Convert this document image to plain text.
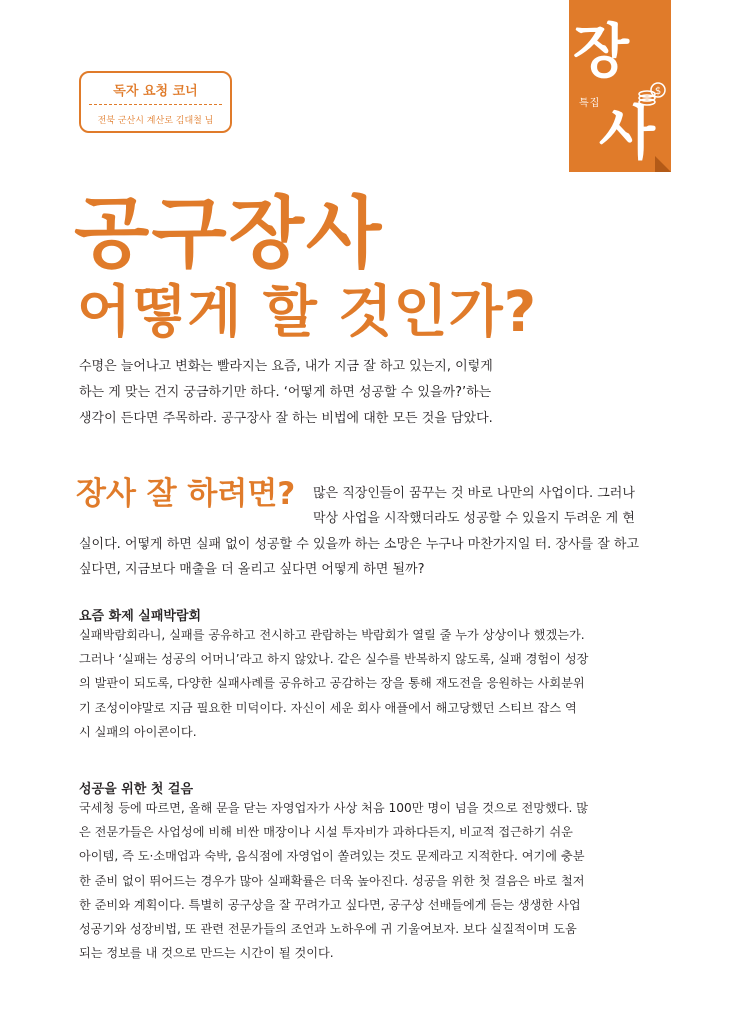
장
특집
$
사
독자 요청 코너
전북 군산시 계산로 김대철 님
공구장사
어떻게 할 것인가?

수명은 늘어나고 변화는 빨라지는 요즘, 내가 지금 잘 하고 있는지, 이렇게

하는 게 맞는 건지 궁금하기만 하다. ‘어떻게 하면 성공할 수 있을까?’하는

생각이 든다면 주목하라. 공구장사 잘 하는 비법에 대한 모든 것을 담았다.

장사 잘 하려면? 많은 직장인들이 꿈꾸는 것 바로 나만의 사업이다. 그러나
막상 사업을 시작했더라도 성공할 수 있을지 두려운 게 현
실이다. 어떻게 하면 실패 없이 성공할 수 있을까 하는 소망은 누구나 마찬가지일 터. 장사를 잘 하고
싶다면, 지금보다 매출을 더 올리고 싶다면 어떻게 하면 될까?
요즘 화제 실패박람회

실패박람회라니, 실패를 공유하고 전시하고 관람하는 박람회가 열릴 줄 누가 상상이나 했겠는가.

그러나 ‘실패는 성공의 어머니’라고 하지 않았나. 같은 실수를 반복하지 않도록, 실패 경험이 성장

의 발판이 되도록, 다양한 실패사례를 공유하고 공감하는 장을 통해 재도전을 응원하는 사회분위

기 조성이야말로 지금 필요한 미덕이다. 자신이 세운 회사 애플에서 해고당했던 스티브 잡스 역

시 실패의 아이콘이다.

성공을 위한 첫 걸음

국세청 등에 따르면, 올해 문을 닫는 자영업자가 사상 처음 100만 명이 넘을 것으로 전망했다. 많

은 전문가들은 사업성에 비해 비싼 매장이나 시설 투자비가 과하다든지, 비교적 접근하기 쉬운

아이템, 즉 도·소매업과 숙박, 음식점에 자영업이 쏠려있는 것도 문제라고 지적한다. 여기에 충분

한 준비 없이 뛰어드는 경우가 많아 실패확률은 더욱 높아진다. 성공을 위한 첫 걸음은 바로 철저

한 준비와 계획이다. 특별히 공구상을 잘 꾸려가고 싶다면, 공구상 선배들에게 듣는 생생한 사업

성공기와 성장비법, 또 관련 전문가들의 조언과 노하우에 귀 기울여보자. 보다 실질적이며 도움

되는 정보를 내 것으로 만드는 시간이 될 것이다.
